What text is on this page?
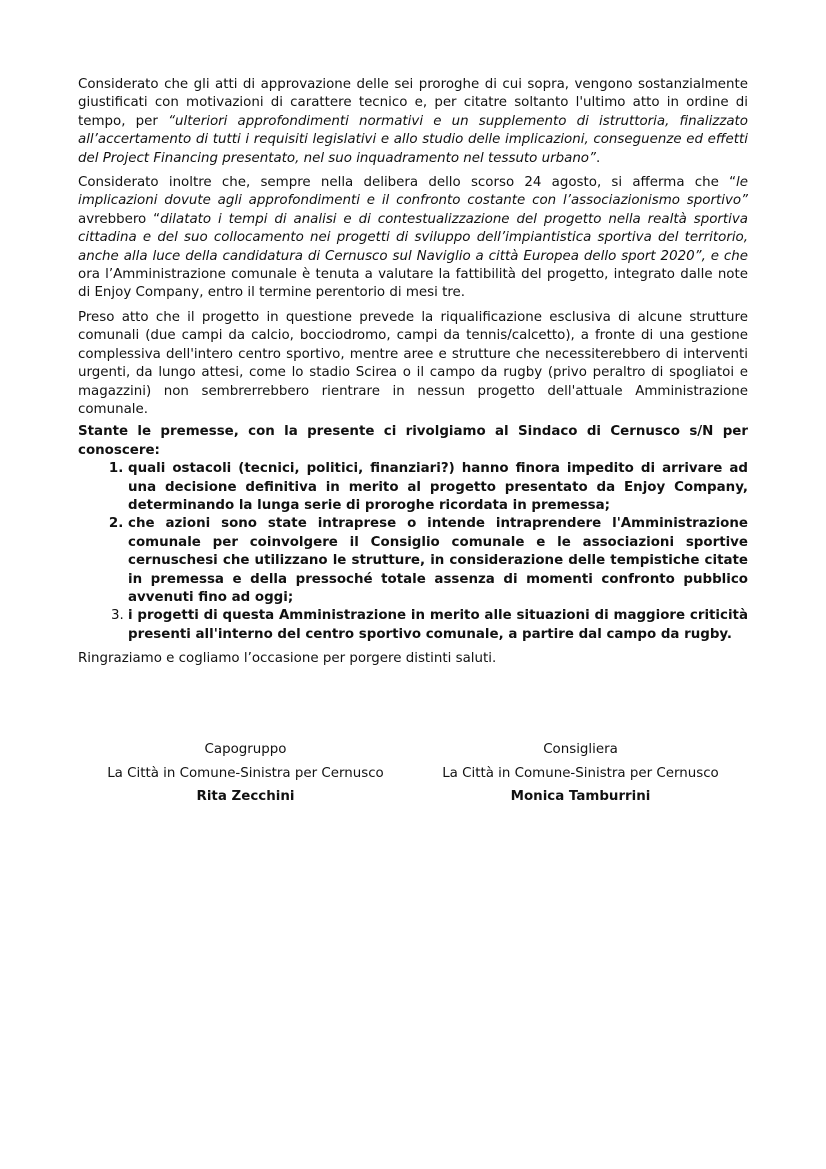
Considerato che gli atti di approvazione delle sei proroghe di cui sopra, vengono sostanzialmente giustificati con motivazioni di carattere tecnico e, per citatre soltanto l'ultimo atto in ordine di tempo, per “ulteriori approfondimenti normativi e un supplemento di istruttoria, finalizzato all’accertamento di tutti i requisiti legislativi e allo studio delle implicazioni, conseguenze ed effetti del Project Financing presentato, nel suo inquadramento nel tessuto urbano”.

Considerato inoltre che, sempre nella delibera dello scorso 24 agosto, si afferma che “le implicazioni dovute agli approfondimenti e il confronto costante con l’associazionismo sportivo” avrebbero “dilatato i tempi di analisi e di contestualizzazione del progetto nella realtà sportiva cittadina e del suo collocamento nei progetti di sviluppo dell’impiantistica sportiva del territorio, anche alla luce della candidatura di Cernusco sul Naviglio a città Europea dello sport 2020”, e che ora l’Amministrazione comunale è tenuta a valutare la fattibilità del progetto, integrato dalle note di Enjoy Company, entro il termine perentorio di mesi tre.

Preso atto che il progetto in questione prevede la riqualificazione esclusiva di alcune strutture comunali (due campi da calcio, bocciodromo, campi da tennis/calcetto), a fronte di una gestione complessiva dell'intero centro sportivo, mentre aree e strutture che necessiterebbero di interventi urgenti, da lungo attesi, come lo stadio Scirea o il campo da rugby (privo peraltro di spogliatoi e magazzini) non sembrerrebbero rientrare in nessun progetto dell'attuale Amministrazione comunale.

Stante le premesse, con la presente ci rivolgiamo al Sindaco di Cernusco s/N per conoscere:

1. quali ostacoli (tecnici, politici, finanziari?) hanno finora impedito di arrivare ad una decisione definitiva in merito al progetto presentato da Enjoy Company, determinando la lunga serie di proroghe ricordata in premessa;
2. che azioni sono state intraprese o intende intraprendere l'Amministrazione comunale per coinvolgere il Consiglio comunale e le associazioni sportive cernuschesi che utilizzano le strutture, in considerazione delle tempistiche citate in premessa e della pressoché totale assenza di momenti confronto pubblico avvenuti fino ad oggi;
3. i progetti di questa Amministrazione in merito alle situazioni di maggiore criticità presenti all'interno del centro sportivo comunale, a partire dal campo da rugby.

Ringraziamo e cogliamo l’occasione per porgere distinti saluti.

Capogruppo
La Città in Comune-Sinistra per Cernusco
Rita Zecchini
Consigliera
La Città in Comune-Sinistra per Cernusco
Monica Tamburrini
